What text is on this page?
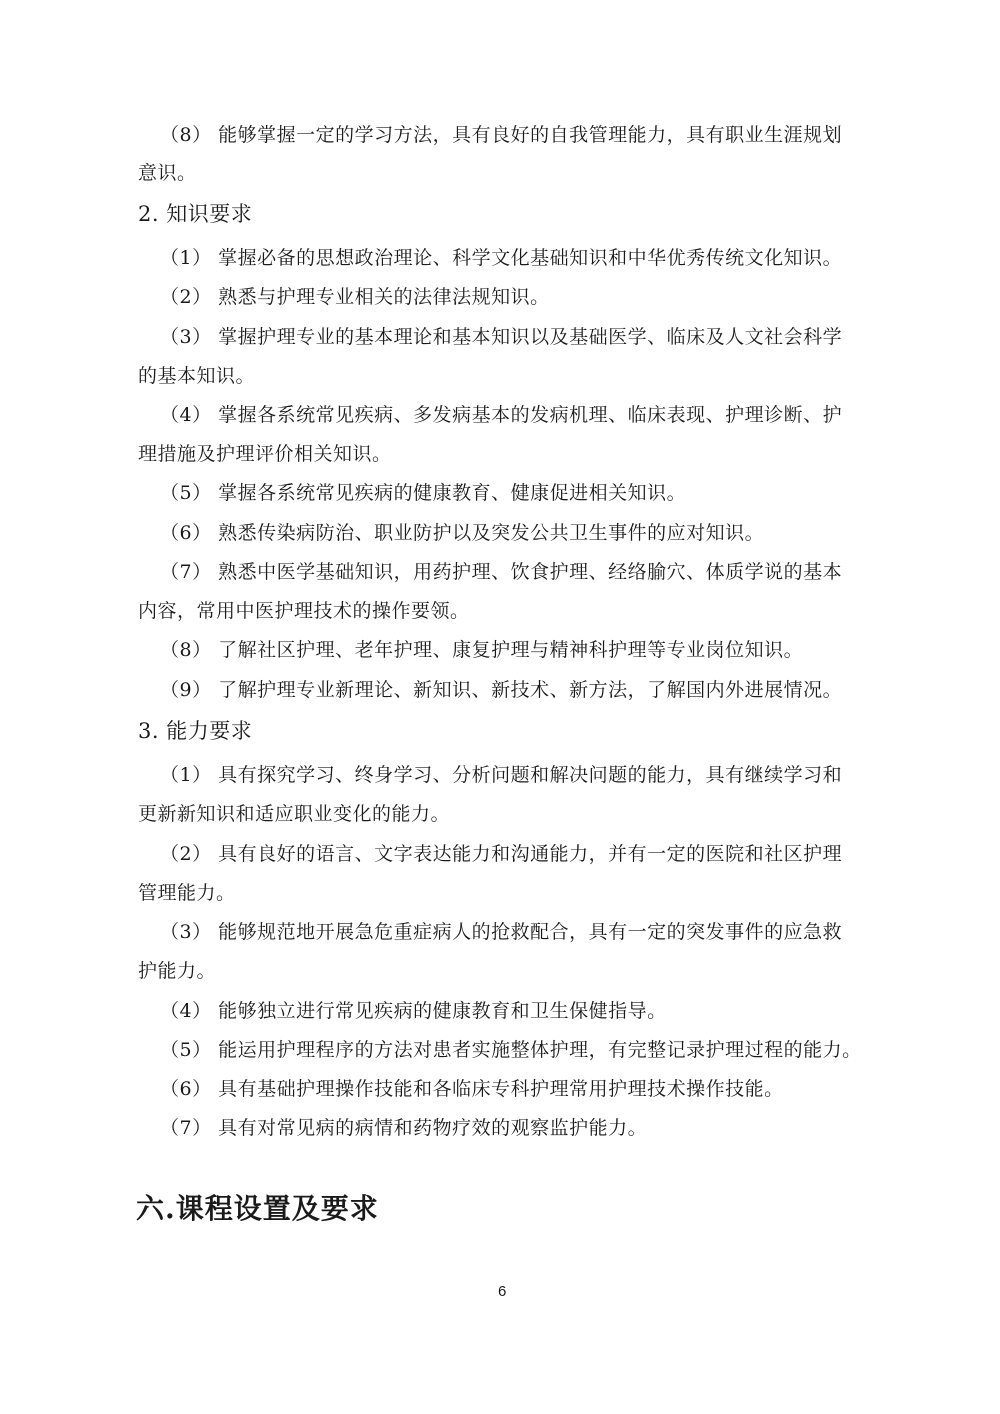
（8） 能够掌握一定的学习方法，具有良好的自我管理能力，具有职业生涯规划
意识。
2. 知识要求
（1） 掌握必备的思想政治理论、科学文化基础知识和中华优秀传统文化知识。
（2） 熟悉与护理专业相关的法律法规知识。
（3） 掌握护理专业的基本理论和基本知识以及基础医学、临床及人文社会科学
的基本知识。
（4） 掌握各系统常见疾病、多发病基本的发病机理、临床表现、护理诊断、护
理措施及护理评价相关知识。
（5） 掌握各系统常见疾病的健康教育、健康促进相关知识。
（6） 熟悉传染病防治、职业防护以及突发公共卫生事件的应对知识。
（7） 熟悉中医学基础知识，用药护理、饮食护理、经络腧穴、体质学说的基本
内容，常用中医护理技术的操作要领。
（8） 了解社区护理、老年护理、康复护理与精神科护理等专业岗位知识。
（9） 了解护理专业新理论、新知识、新技术、新方法，了解国内外进展情况。
3. 能力要求
（1） 具有探究学习、终身学习、分析问题和解决问题的能力，具有继续学习和
更新新知识和适应职业变化的能力。
（2） 具有良好的语言、文字表达能力和沟通能力，并有一定的医院和社区护理
管理能力。
（3） 能够规范地开展急危重症病人的抢救配合，具有一定的突发事件的应急救
护能力。
（4） 能够独立进行常见疾病的健康教育和卫生保健指导。
（5） 能运用护理程序的方法对患者实施整体护理，有完整记录护理过程的能力。
（6） 具有基础护理操作技能和各临床专科护理常用护理技术操作技能。
（7） 具有对常见病的病情和药物疗效的观察监护能力。
六.课程设置及要求
6
